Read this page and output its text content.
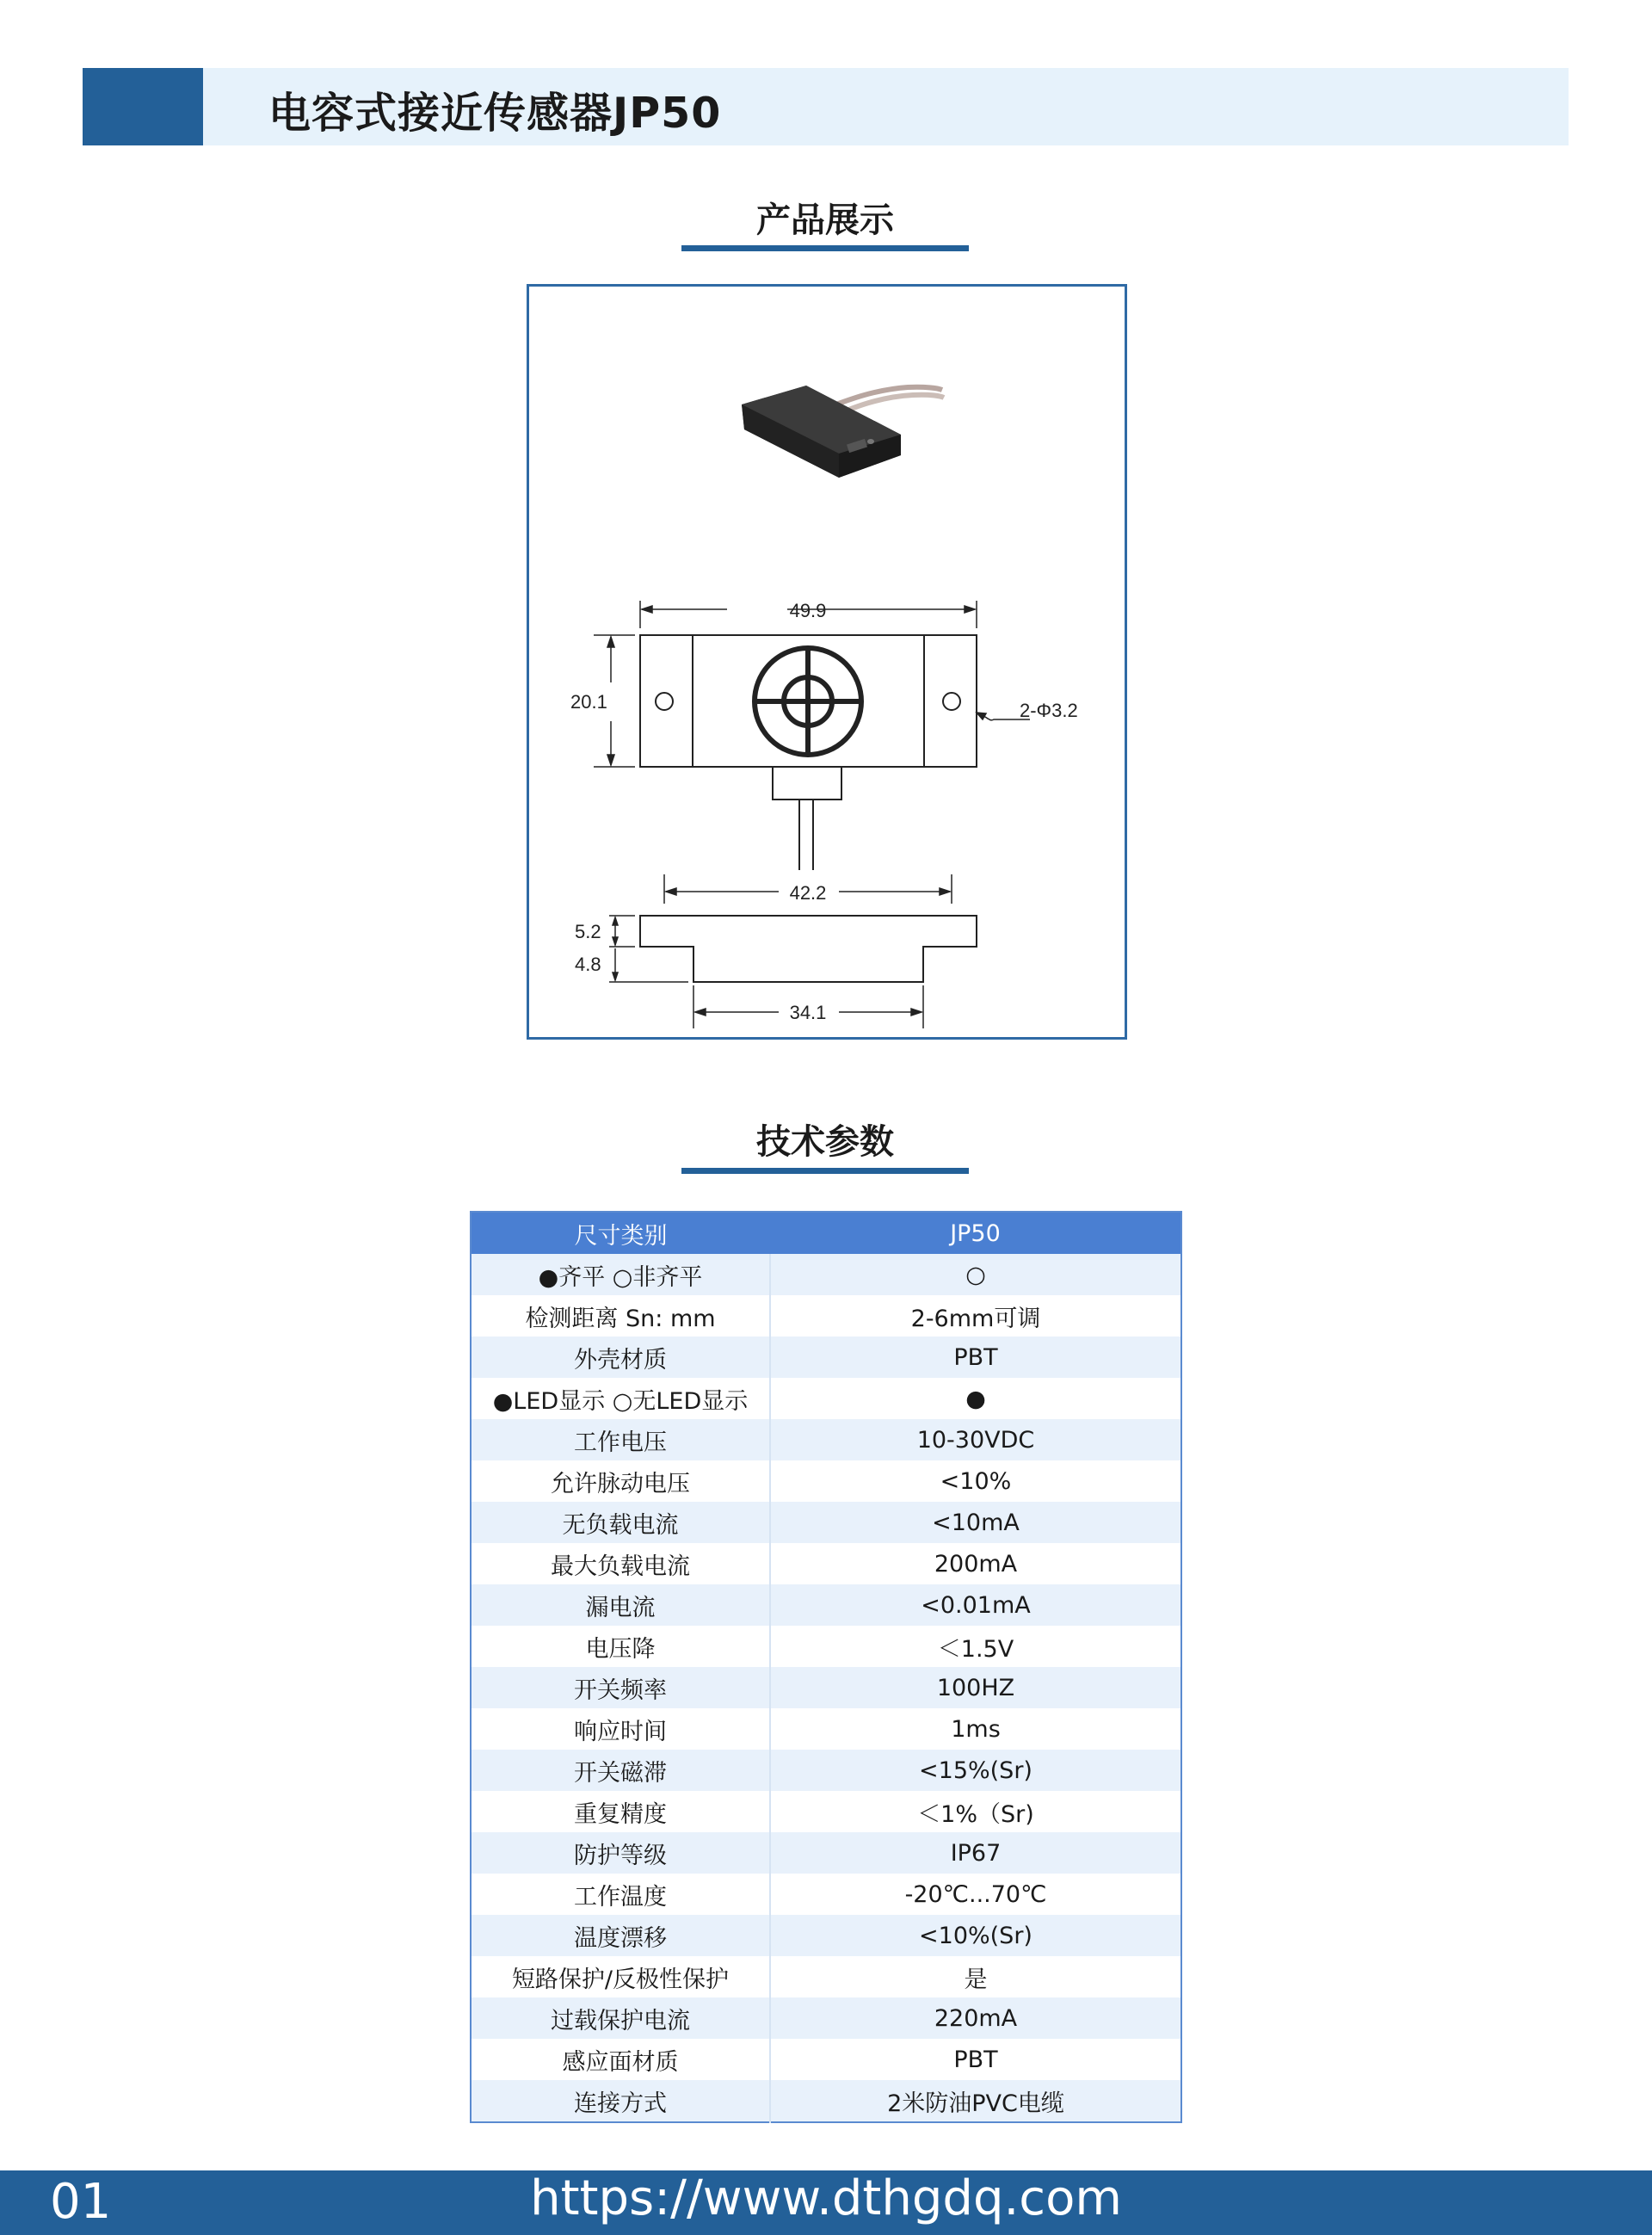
电容式接近传感器JP50
产品展示
49.9
20.1	2-Φ3.2
42.2
5.2
4.8
34.1
技术参数
尺寸类别	JP50
●齐平 ○非齐平	○
检测距离 Sn: mm	2-6mm可调
外壳材质	PBT
●LED显示 ○无LED显示	●
工作电压	10-30VDC
允许脉动电压	<10%
无负载电流	<10mA
最大负载电流	200mA
漏电流	<0.01mA
电压降	＜1.5V
开关频率	100HZ
响应时间	1ms
开关磁滞	<15%(Sr)
重复精度	＜1%（Sr)
防护等级	IP67
工作温度	-20℃...70℃
温度漂移	<10%(Sr)
短路保护/反极性保护	是
过载保护电流	220mA
感应面材质	PBT
连接方式	2米防油PVC电缆
https://www.dthgdq.com
01
